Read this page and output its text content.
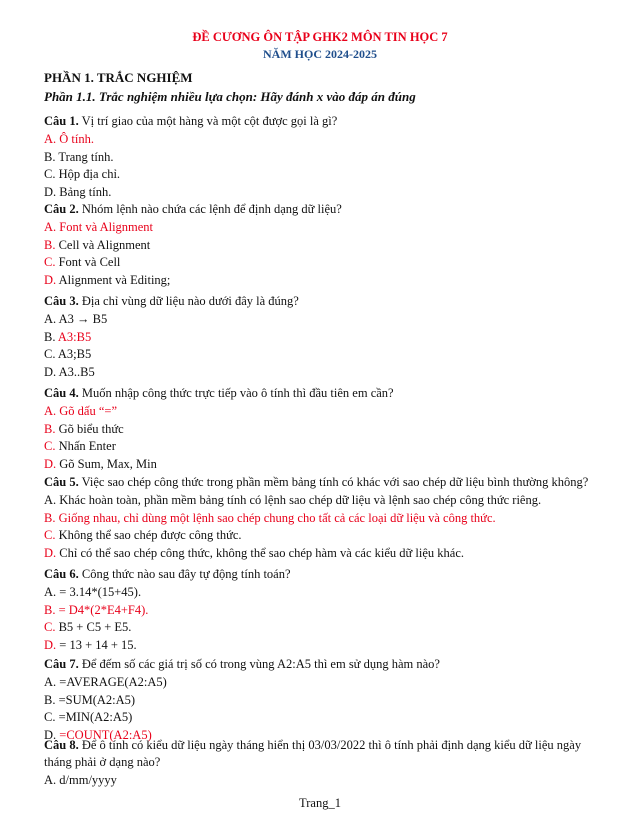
ĐỀ CƯƠNG ÔN TẬP GHK2 MÔN TIN HỌC 7
NĂM HỌC 2024-2025
PHẦN 1. TRẮC NGHIỆM
Phần 1.1. Trắc nghiệm nhiều lựa chọn: Hãy đánh x vào đáp án đúng
Câu 1. Vị trí giao của một hàng và một cột được gọi là gì?
A. Ô tính.
B. Trang tính.
C. Hộp địa chỉ.
D. Bảng tính.
Câu 2. Nhóm lệnh nào chứa các lệnh để định dạng dữ liệu?
A. Font và Alignment
B. Cell và Alignment
C. Font và Cell
D. Alignment và Editing;
Câu 3. Địa chỉ vùng dữ liệu nào dưới đây là đúng?
A. A3 → B5
B. A3:B5
C. A3;B5
D. A3..B5
Câu 4. Muốn nhập công thức trực tiếp vào ô tính thì đầu tiên em cần?
A. Gõ dấu “=”
B. Gõ biểu thức
C. Nhấn Enter
D. Gõ Sum, Max, Min
Câu 5. Việc sao chép công thức trong phần mềm bảng tính có khác với sao chép dữ liệu bình thường không?
A. Khác hoàn toàn, phần mềm bảng tính có lệnh sao chép dữ liệu và lệnh sao chép công thức riêng.
B. Giống nhau, chỉ dùng một lệnh sao chép chung cho tất cả các loại dữ liệu và công thức.
C. Không thể sao chép được công thức.
D. Chỉ có thể sao chép công thức, không thể sao chép hàm và các kiểu dữ liệu khác.
Câu 6. Công thức nào sau đây tự động tính toán?
A. = 3.14*(15+45).
B. = D4*(2*E4+F4).
C. B5 + C5 + E5.
D. = 13 + 14 + 15.
Câu 7. Để đếm số các giá trị số có trong vùng A2:A5 thì em sử dụng hàm nào?
A. =AVERAGE(A2:A5)
B. =SUM(A2:A5)
C. =MIN(A2:A5)
D. =COUNT(A2:A5)
Câu 8. Để ô tính có kiểu dữ liệu ngày tháng hiển thị 03/03/2022 thì ô tính phải định dạng kiểu dữ liệu ngày tháng phải ở dạng nào?
A. d/mm/yyyy
Trang_1
